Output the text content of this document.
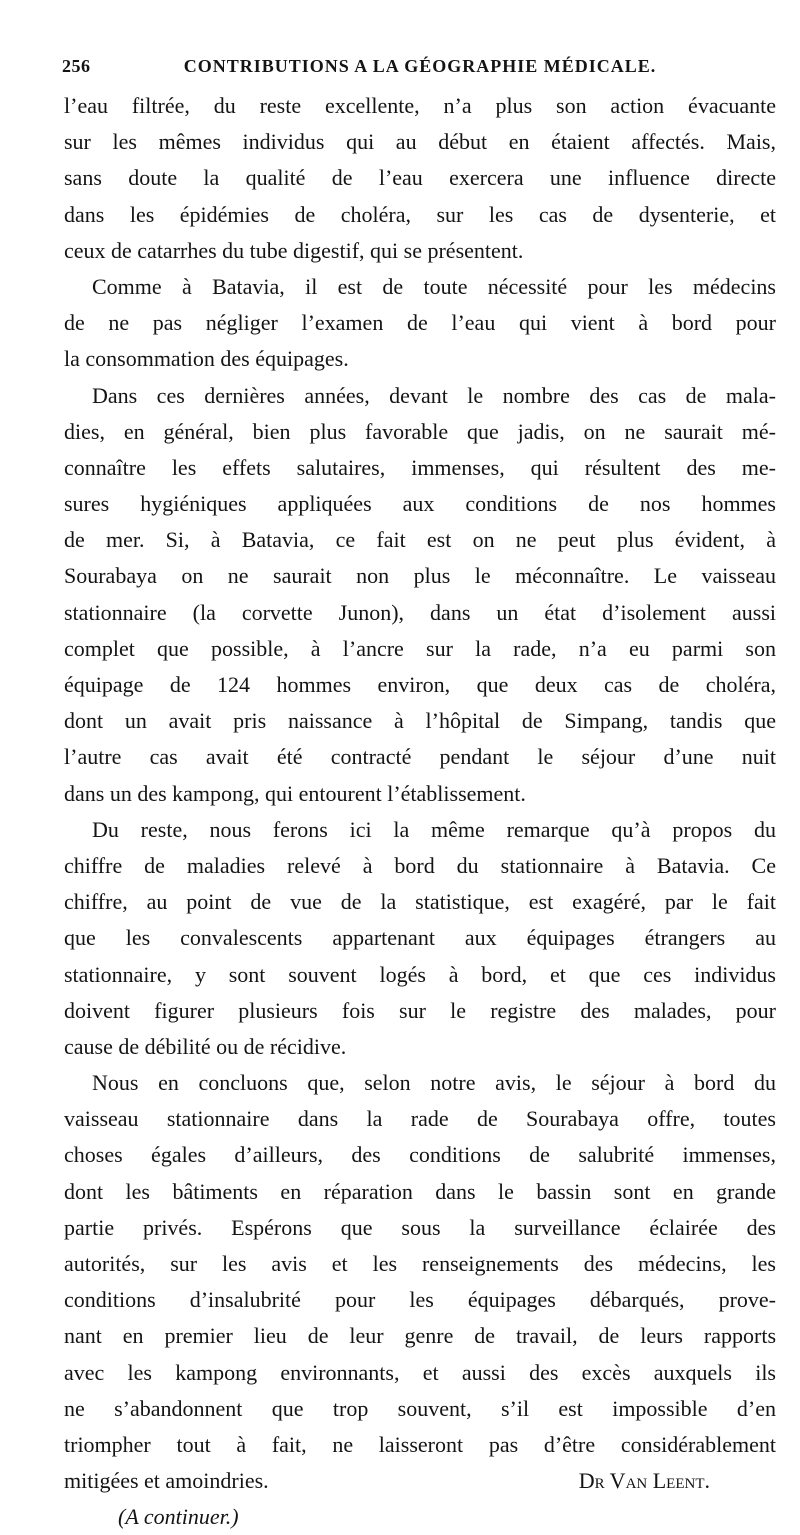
256	CONTRIBUTIONS A LA GÉOGRAPHIE MÉDICALE.
l’eau filtrée, du reste excellente, n’a plus son action évacuante
sur les mêmes individus qui au début en étaient affectés. Mais,
sans doute la qualité de l’eau exercera une influence directe
dans les épidémies de choléra, sur les cas de dysenterie, et
ceux de catarrhes du tube digestif, qui se présentent.
Comme à Batavia, il est de toute nécessité pour les médecins
de ne pas négliger l’examen de l’eau qui vient à bord pour
la consommation des équipages.
Dans ces dernières années, devant le nombre des cas de mala-
dies, en général, bien plus favorable que jadis, on ne saurait mé-
connaître les effets salutaires, immenses, qui résultent des me-
sures hygiéniques appliquées aux conditions de nos hommes
de mer. Si, à Batavia, ce fait est on ne peut plus évident, à
Sourabaya on ne saurait non plus le méconnaître. Le vaisseau
stationnaire (la corvette Junon), dans un état d’isolement aussi
complet que possible, à l’ancre sur la rade, n’a eu parmi son
équipage de 124 hommes environ, que deux cas de choléra,
dont un avait pris naissance à l’hôpital de Simpang, tandis que
l’autre cas avait été contracté pendant le séjour d’une nuit
dans un des kampong, qui entourent l’établissement.
Du reste, nous ferons ici la même remarque qu’à propos du
chiffre de maladies relevé à bord du stationnaire à Batavia. Ce
chiffre, au point de vue de la statistique, est exagéré, par le fait
que les convalescents appartenant aux équipages étrangers au
stationnaire, y sont souvent logés à bord, et que ces individus
doivent figurer plusieurs fois sur le registre des malades, pour
cause de débilité ou de récidive.
Nous en concluons que, selon notre avis, le séjour à bord du
vaisseau stationnaire dans la rade de Sourabaya offre, toutes
choses égales d’ailleurs, des conditions de salubrité immenses,
dont les bâtiments en réparation dans le bassin sont en grande
partie privés. Espérons que sous la surveillance éclairée des
autorités, sur les avis et les renseignements des médecins, les
conditions d’insalubrité pour les équipages débarqués, prove-
nant en premier lieu de leur genre de travail, de leurs rapports
avec les kampong environnants, et aussi des excès auxquels ils
ne s’abandonnent que trop souvent, s’il est impossible d’en
triompher tout à fait, ne laisseront pas d’être considérablement
mitigées et amoindries.	Dr Van Leent.
(A continuer.)
